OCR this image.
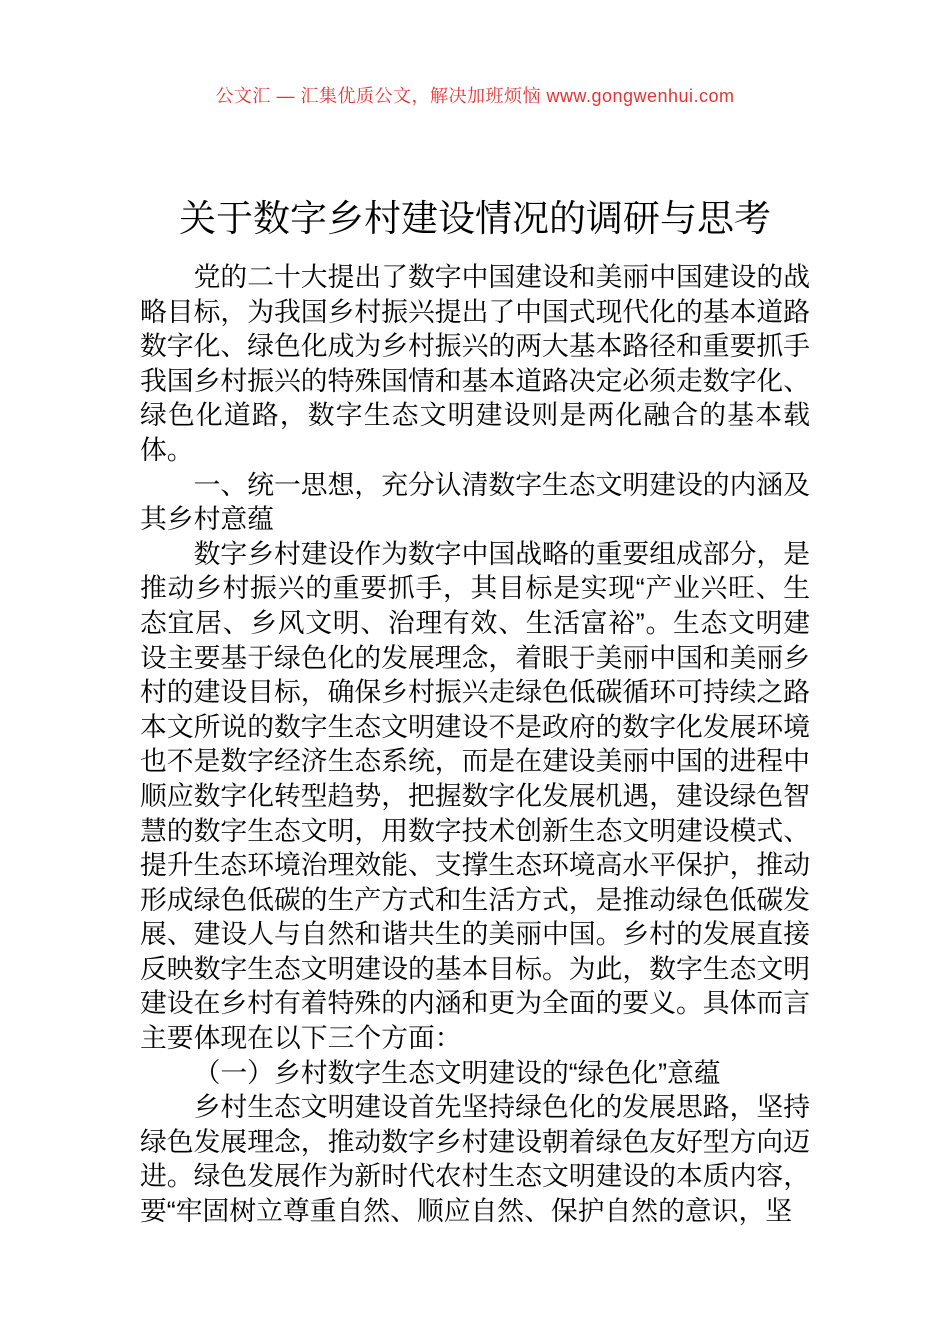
公文汇 — 汇集优质公文，解决加班烦恼 www.gongwenhui.com
关于数字乡村建设情况的调研与思考

党的二十大提出了数字中国建设和美丽中国建设的战略目标，为我国乡村振兴提出了中国式现代化的基本道路数字化、绿色化成为乡村振兴的两大基本路径和重要抓手我国乡村振兴的特殊国情和基本道路决定必须走数字化、绿色化道路，数字生态文明建设则是两化融合的基本载体。

一、统一思想，充分认清数字生态文明建设的内涵及其乡村意蕴

数字乡村建设作为数字中国战略的重要组成部分，是推动乡村振兴的重要抓手，其目标是实现“产业兴旺、生态宜居、乡风文明、治理有效、生活富裕”。生态文明建设主要基于绿色化的发展理念，着眼于美丽中国和美丽乡村的建设目标，确保乡村振兴走绿色低碳循环可持续之路本文所说的数字生态文明建设不是政府的数字化发展环境也不是数字经济生态系统，而是在建设美丽中国的进程中顺应数字化转型趋势，把握数字化发展机遇，建设绿色智慧的数字生态文明，用数字技术创新生态文明建设模式、提升生态环境治理效能、支撑生态环境高水平保护，推动形成绿色低碳的生产方式和生活方式，是推动绿色低碳发展、建设人与自然和谐共生的美丽中国。乡村的发展直接反映数字生态文明建设的基本目标。为此，数字生态文明建设在乡村有着特殊的内涵和更为全面的要义。具体而言主要体现在以下三个方面：

（一）乡村数字生态文明建设的“绿色化”意蕴

乡村生态文明建设首先坚持绿色化的发展思路，坚持绿色发展理念，推动数字乡村建设朝着绿色友好型方向迈进。绿色发展作为新时代农村生态文明建设的本质内容，要“牢固树立尊重自然、顺应自然、保护自然的意识，坚
